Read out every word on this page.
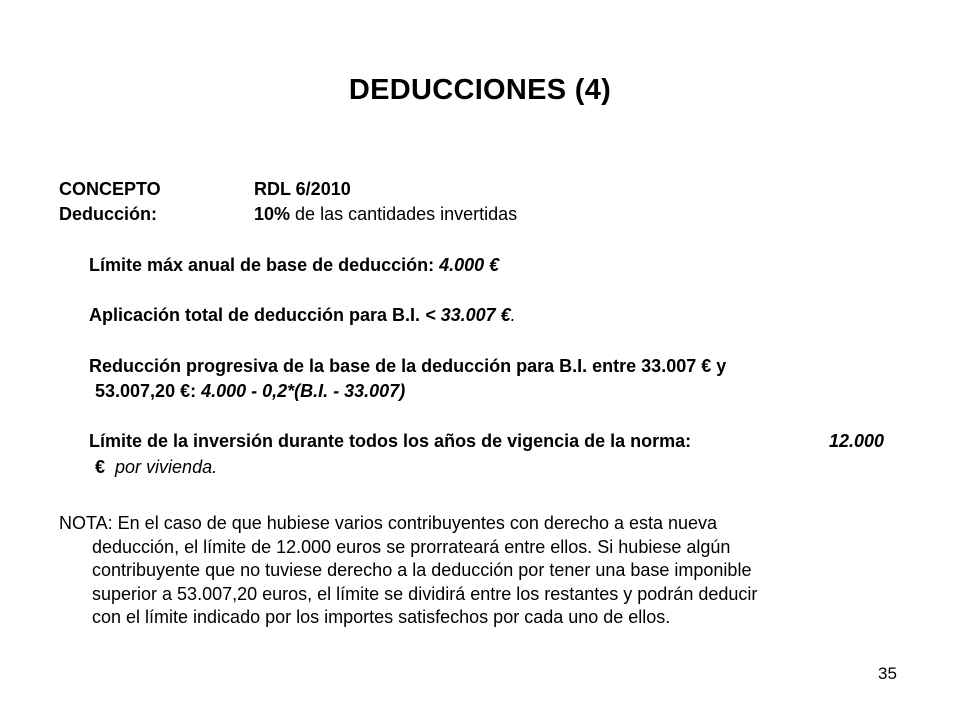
DEDUCCIONES (4)
CONCEPTO	RDL 6/2010
Deducción:	10% de las cantidades invertidas
Límite máx anual de base de deducción: 4.000 €
Aplicación total de deducción para B.I. < 33.007 €.
Reducción progresiva de la base de la deducción para B.I. entre 33.007 € y
53.007,20 €: 4.000 - 0,2*(B.I. - 33.007)
Límite de la inversión durante todos los años de vigencia de la norma:	12.000
€ por vivienda.
NOTA: En el caso de que hubiese varios contribuyentes con derecho a esta nueva
deducción, el límite de 12.000 euros se prorrateará entre ellos. Si hubiese algún
contribuyente que no tuviese derecho a la deducción por tener una base imponible
superior a 53.007,20 euros, el límite se dividirá entre los restantes y podrán deducir
con el límite indicado por los importes satisfechos por cada uno de ellos.
35
